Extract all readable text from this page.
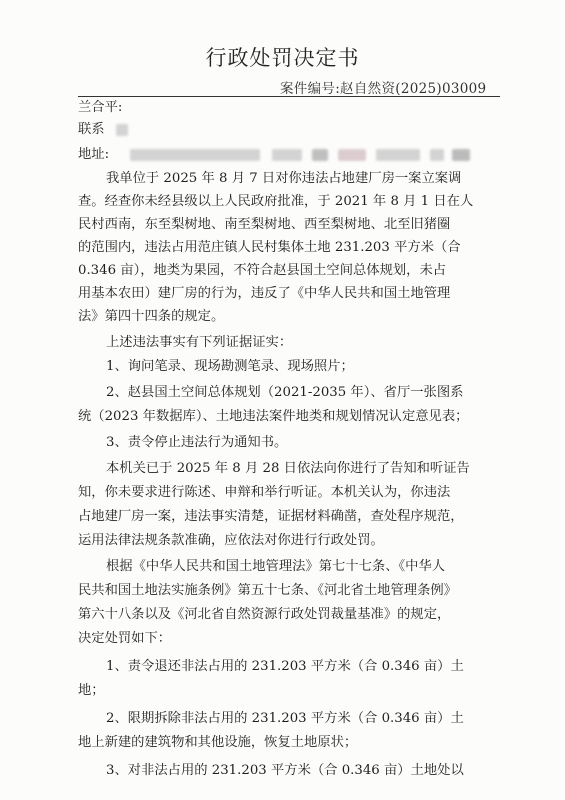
行政处罚决定书
案件编号:赵自然资(2025)03009
兰合平:
联系
地址:
我单位于 2025 年 8 月 7 日对你违法占地建厂房一案立案调
查。经查你未经县级以上人民政府批准，于 2021 年 8 月 1 日在人
民村西南，东至梨树地、南至梨树地、西至梨树地、北至旧猪圈
的范围内，违法占用范庄镇人民村集体土地 231.203 平方米（合
0.346 亩），地类为果园，不符合赵县国土空间总体规划，未占
用基本农田）建厂房的行为，违反了《中华人民共和国土地管理
法》第四十四条的规定。
上述违法事实有下列证据证实：
1、询问笔录、现场勘测笔录、现场照片；
2、赵县国土空间总体规划（2021-2035 年）、省厅一张图系
统（2023 年数据库）、土地违法案件地类和规划情况认定意见表；
3、责令停止违法行为通知书。
本机关已于 2025 年 8 月 28 日依法向你进行了告知和听证告
知，你未要求进行陈述、申辩和举行听证。本机关认为，你违法
占地建厂房一案，违法事实清楚，证据材料确凿，查处程序规范，
运用法律法规条款准确，应依法对你进行行政处罚。
根据《中华人民共和国土地管理法》第七十七条、《中华人
民共和国土地法实施条例》第五十七条、《河北省土地管理条例》
第六十八条以及《河北省自然资源行政处罚裁量基准》的规定，
决定处罚如下：
1、责令退还非法占用的 231.203 平方米（合 0.346 亩）土
地；
2、限期拆除非法占用的 231.203 平方米（合 0.346 亩）土
地上新建的建筑物和其他设施，恢复土地原状；
3、对非法占用的 231.203 平方米（合 0.346 亩）土地处以
